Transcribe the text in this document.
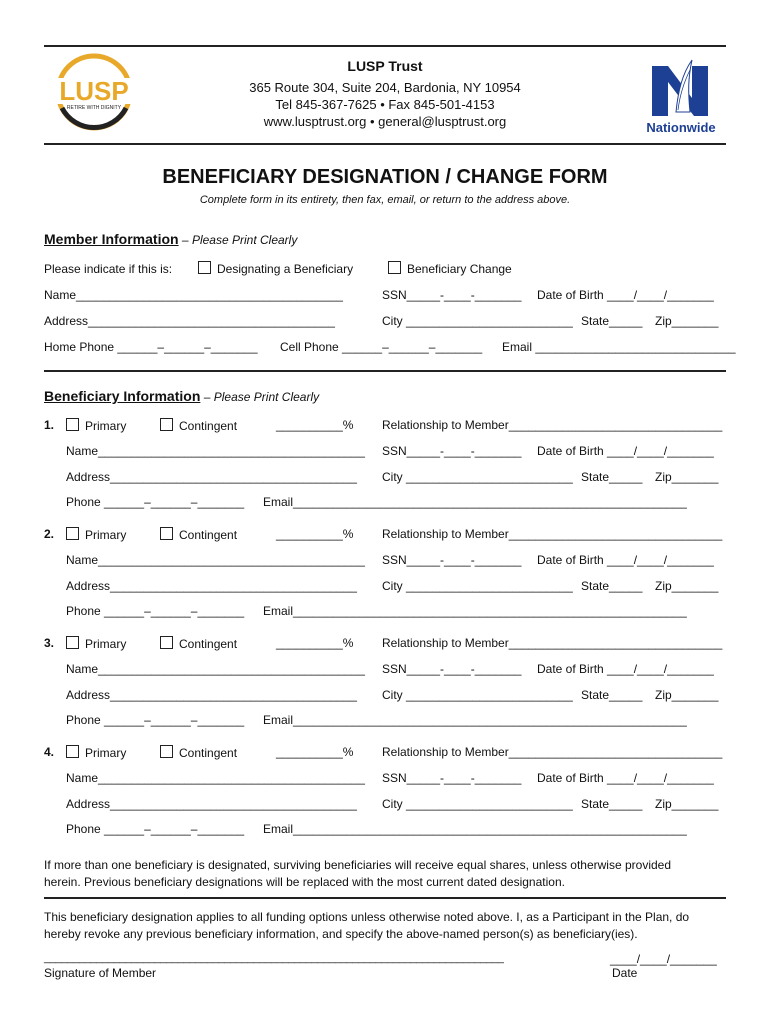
LUSP
RETIRE WITH DIGNITY
Nationwide
LUSP Trust
365 Route 304, Suite 204, Bardonia, NY 10954
Tel 845-367-7625 • Fax 845-501-4153
www.lusptrust.org • general@lusptrust.org
BENEFICIARY DESIGNATION / CHANGE FORM
Complete form in its entirety, then fax, email, or return to the address above.
Member Information – Please Print Clearly
Please indicate if this is:	Designating a Beneficiary	Beneficiary Change
Name________________________________________	SSN_____-____-_______ Date of Birth ____/____/_______
Address_____________________________________	City _________________________ State_____ Zip_______
Home Phone ______–______–_______ Cell Phone ______–______–_______ Email ______________________________
Beneficiary Information – Please Print Clearly
1.	Primary	Contingent	__________% Relationship to Member________________________________
Name________________________________________ SSN_____-____-_______ Date of Birth ____/____/_______
Address_____________________________________ City _________________________ State_____ Zip_______
Phone ______–______–_______ Email___________________________________________________________
2.	Primary	Contingent	__________% Relationship to Member________________________________
Name________________________________________ SSN_____-____-_______ Date of Birth ____/____/_______
Address_____________________________________ City _________________________ State_____ Zip_______
Phone ______–______–_______ Email___________________________________________________________
3.	Primary	Contingent	__________% Relationship to Member________________________________
Name________________________________________ SSN_____-____-_______ Date of Birth ____/____/_______
Address_____________________________________ City _________________________ State_____ Zip_______
Phone ______–______–_______ Email___________________________________________________________
4.	Primary	Contingent	__________% Relationship to Member________________________________
Name________________________________________ SSN_____-____-_______ Date of Birth ____/____/_______
Address_____________________________________ City _________________________ State_____ Zip_______
Phone ______–______–_______ Email___________________________________________________________
If more than one beneficiary is designated, surviving beneficiaries will receive equal shares, unless otherwise provided
herein. Previous beneficiary designations will be replaced with the most current dated designation.
This beneficiary designation applies to all funding options unless otherwise noted above. I, as a Participant in the Plan, do
hereby revoke any previous beneficiary information, and specify the above-named person(s) as beneficiary(ies).
_______________________________________________________________________________
Signature of Member
____/____/_______
Date
